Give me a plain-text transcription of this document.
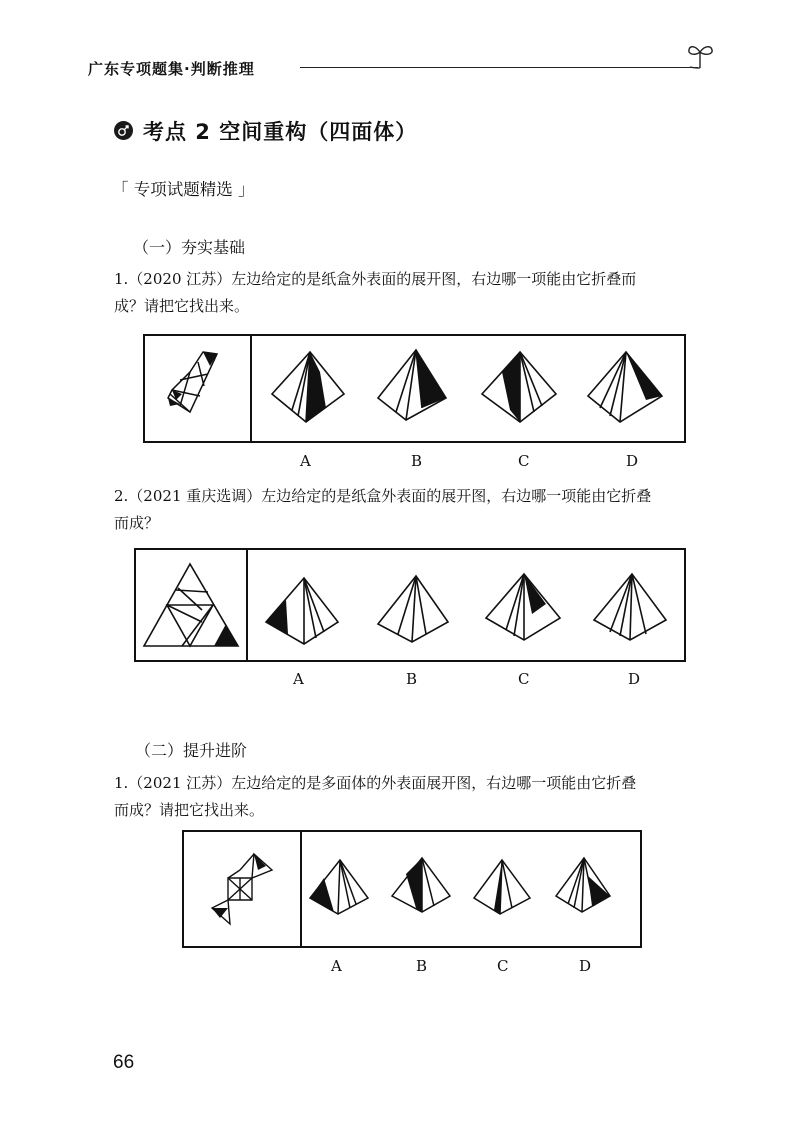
广东专项题集·判断推理
考点 2 空间重构（四面体）
「 专项试题精选 」
（一）夯实基础
1.（2020 江苏）左边给定的是纸盒外表面的展开图，右边哪一项能由它折叠而
成？请把它找出来。
A	B	C	D
2.（2021 重庆选调）左边给定的是纸盒外表面的展开图，右边哪一项能由它折叠
而成？
A	B	C	D
（二）提升进阶
1.（2021 江苏）左边给定的是多面体的外表面展开图，右边哪一项能由它折叠
而成？请把它找出来。
A	B	C	D
66
